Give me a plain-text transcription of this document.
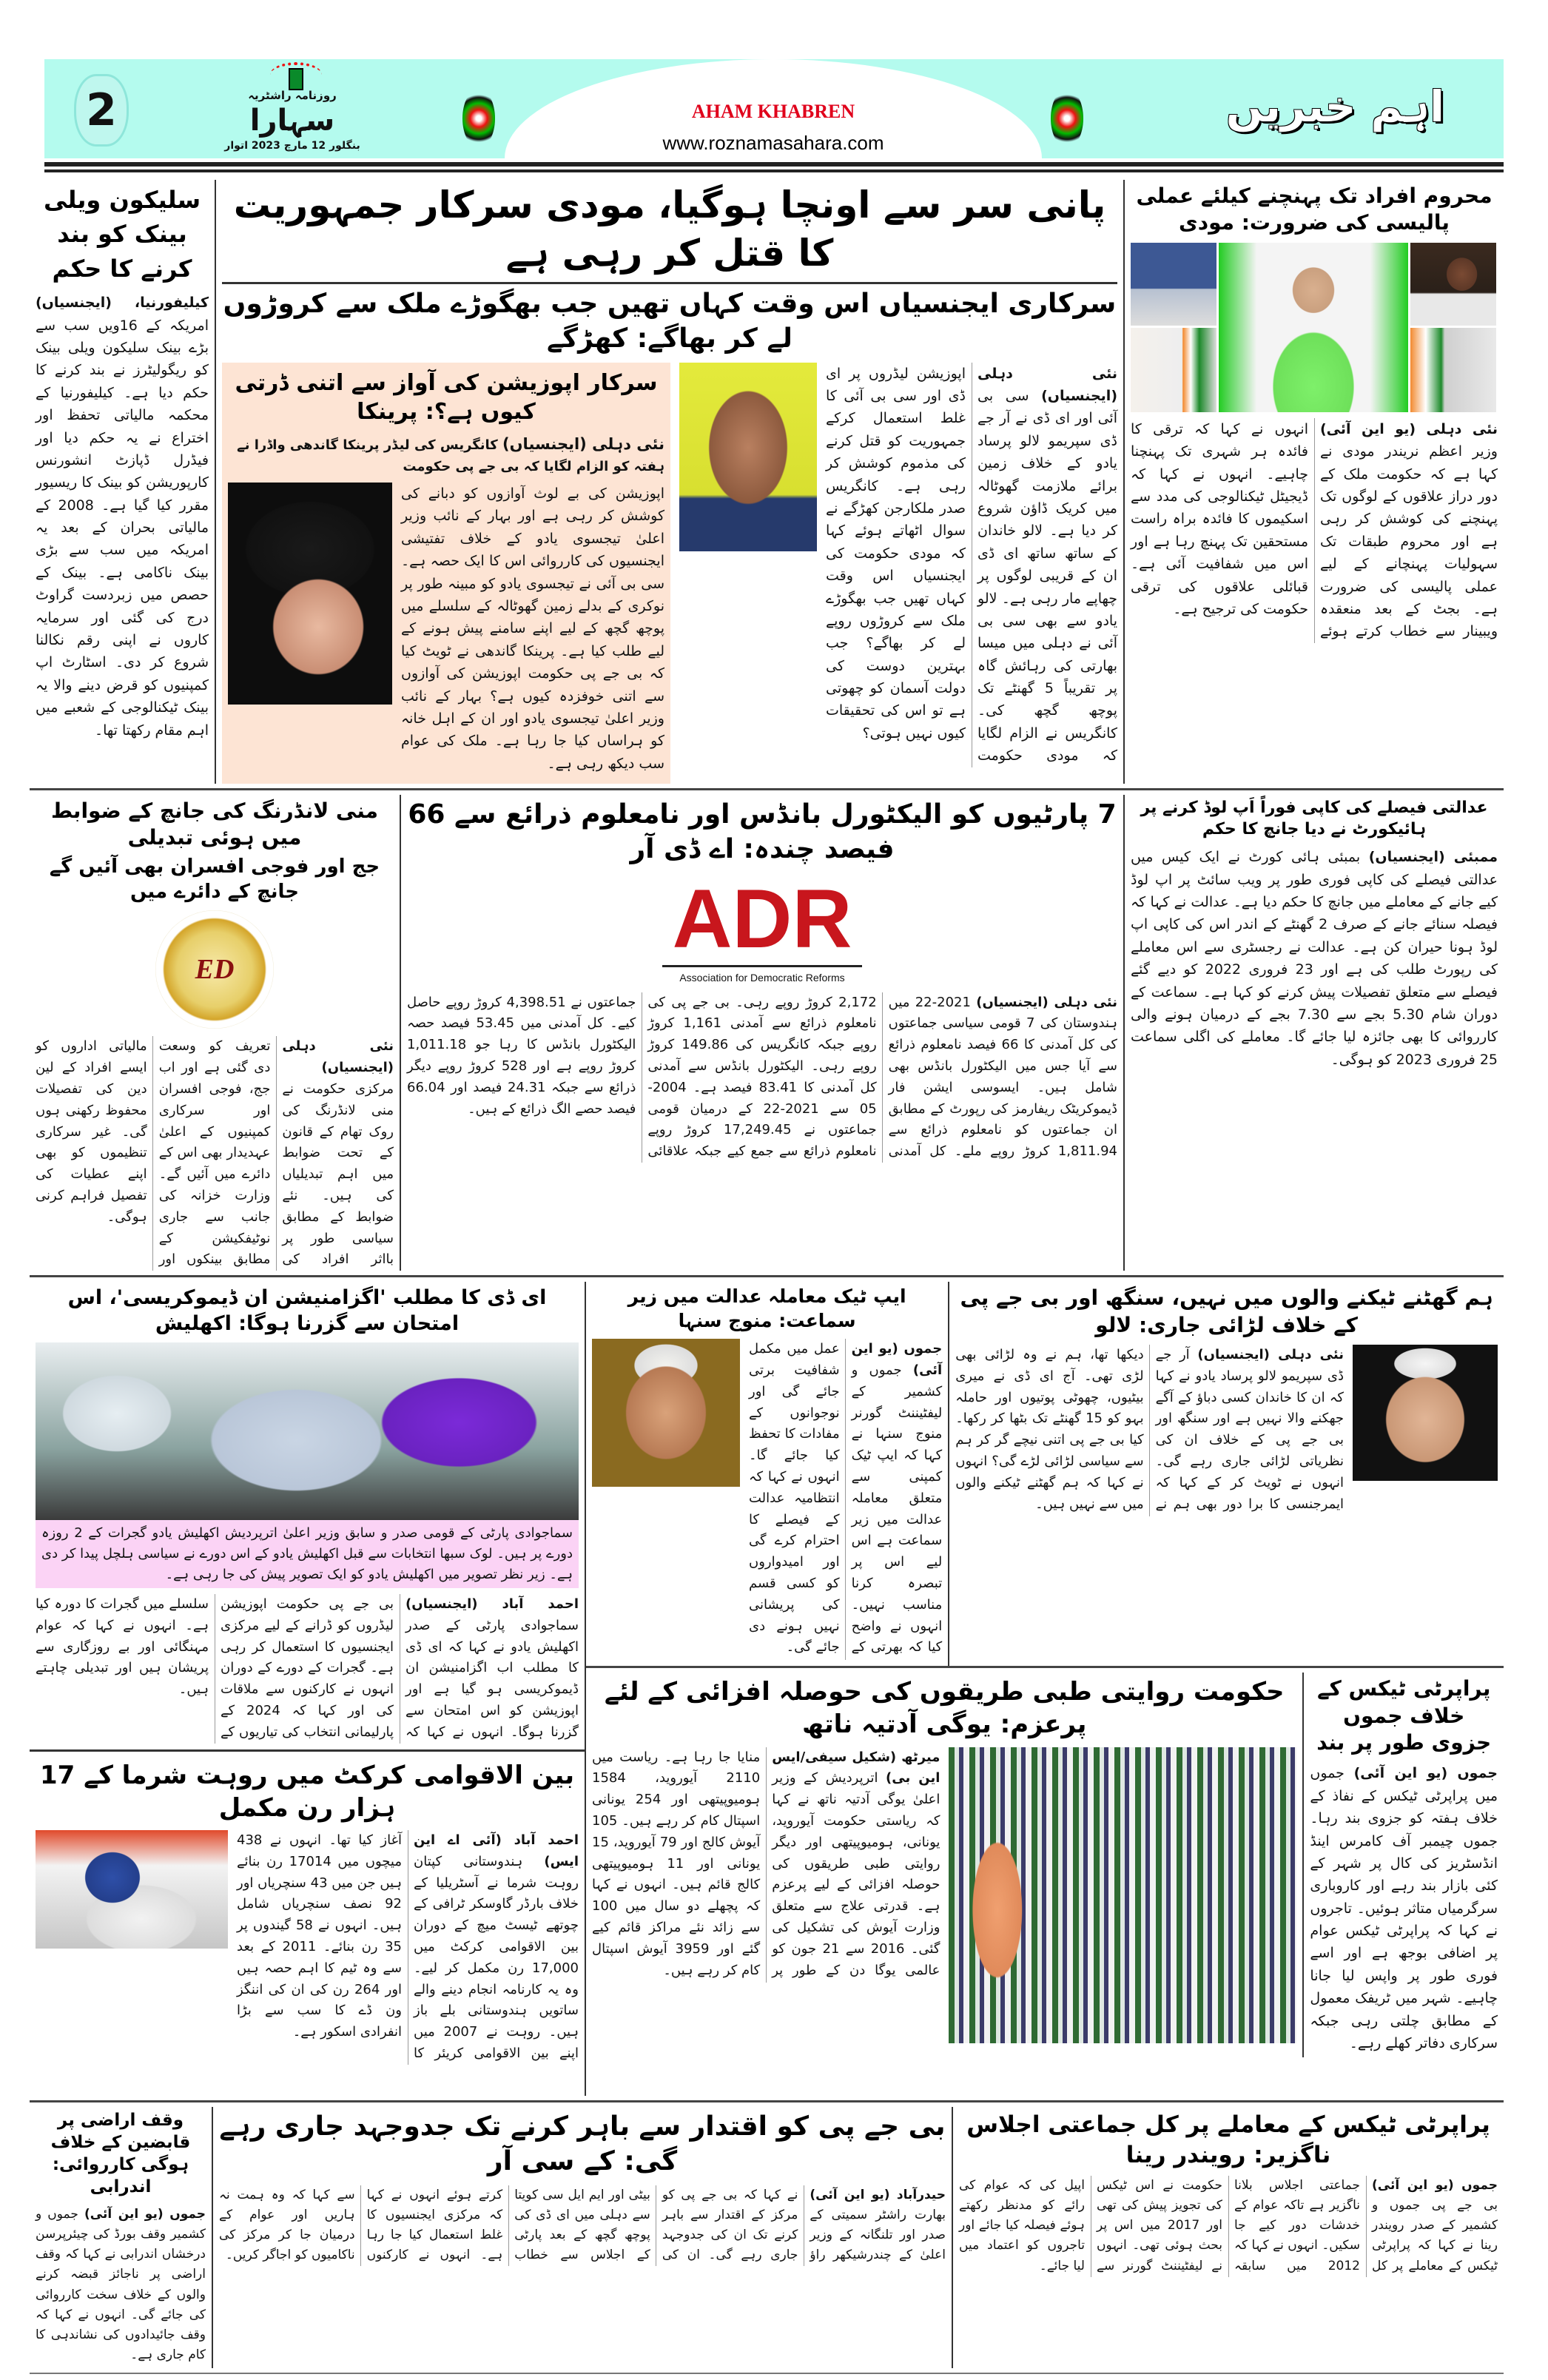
2	روزنامہ راشٹریہ
سہارا
بنگلور 12 مارچ 2023 اتوار
AHAM KHABREN
www.roznamasahara.com
اہم خبریں
سلیکون ویلی بینک کو بند کرنے کا حکم

کیلیفورنیا، (ایجنسیاں) امریکہ کے 16ویں سب سے بڑے بینک سلیکون ویلی بینک کو ریگولیٹرز نے بند کرنے کا حکم دیا ہے۔ کیلیفورنیا کے محکمہ مالیاتی تحفظ اور اختراع نے یہ حکم دیا اور فیڈرل ڈپازٹ انشورنس کارپوریشن کو بینک کا ریسیور مقرر کیا گیا ہے۔ 2008 کے مالیاتی بحران کے بعد یہ امریکہ میں سب سے بڑی بینک ناکامی ہے۔ بینک کے حصص میں زبردست گراوٹ درج کی گئی اور سرمایہ کاروں نے اپنی رقم نکالنا شروع کر دی۔ اسٹارٹ اپ کمپنیوں کو قرض دینے والا یہ بینک ٹیکنالوجی کے شعبے میں اہم مقام رکھتا تھا۔

پانی سر سے اونچا ہوگیا، مودی سرکار جمہوریت کا قتل کر رہی ہے
سرکاری ایجنسیاں اس وقت کہاں تھیں جب بھگوڑے ملک سے کروڑوں لے کر بھاگے: کھڑگے
سرکار اپوزیشن کی آواز سے اتنی ڈرتی کیوں ہے؟: پرینکا
نئی دہلی (ایجنسیاں) کانگریس کی لیڈر پرینکا گاندھی واڈرا نے ہفتہ کو الزام لگایا کہ بی جے پی حکومت

اپوزیشن کی بے لوث آوازوں کو دبانے کی کوشش کر رہی ہے اور بہار کے نائب وزیر اعلیٰ تیجسوی یادو کے خلاف تفتیشی ایجنسیوں کی کارروائی اس کا ایک حصہ ہے۔ سی بی آئی نے تیجسوی یادو کو مبینہ طور پر نوکری کے بدلے زمین گھوٹالہ کے سلسلے میں پوچھ گچھ کے لیے اپنے سامنے پیش ہونے کے لیے طلب کیا ہے۔ پرینکا گاندھی نے ٹویٹ کیا کہ بی جے پی حکومت اپوزیشن کی آوازوں سے اتنی خوفزدہ کیوں ہے؟ بہار کے نائب وزیر اعلیٰ تیجسوی یادو اور ان کے اہل خانہ کو ہراساں کیا جا رہا ہے۔ ملک کی عوام سب دیکھ رہی ہے۔

نئی دہلی (ایجنسیاں) سی بی آئی اور ای ڈی نے آر جے ڈی سپریمو لالو پرساد یادو کے خلاف زمین برائے ملازمت گھوٹالہ میں کریک ڈاؤن شروع کر دیا ہے۔ لالو خاندان کے ساتھ ساتھ ای ڈی ان کے قریبی لوگوں پر چھاپے مار رہی ہے۔ لالو یادو سے بھی سی بی آئی نے دہلی میں میسا بھارتی کی رہائش گاہ پر تقریباً 5 گھنٹے تک پوچھ گچھ کی۔ کانگریس نے الزام لگایا کہ مودی حکومت اپوزیشن لیڈروں پر ای ڈی اور سی بی آئی کا غلط استعمال کرکے جمہوریت کو قتل کرنے کی مذموم کوشش کر رہی ہے۔ کانگریس صدر ملکارجن کھڑگے نے سوال اٹھاتے ہوئے کہا کہ مودی حکومت کی ایجنسیاں اس وقت کہاں تھیں جب بھگوڑے ملک سے کروڑوں روپے لے کر بھاگے؟ جب بہترین دوست کی دولت آسمان کو چھوتی ہے تو اس کی تحقیقات کیوں نہیں ہوتی؟

محروم افراد تک پہنچنے کیلئے عملی پالیسی کی ضرورت: مودی

نئی دہلی (یو این آئی) وزیر اعظم نریندر مودی نے کہا ہے کہ حکومت ملک کے دور دراز علاقوں کے لوگوں تک پہنچنے کی کوشش کر رہی ہے اور محروم طبقات تک سہولیات پہنچانے کے لیے عملی پالیسی کی ضرورت ہے۔ بجٹ کے بعد منعقدہ ویبینار سے خطاب کرتے ہوئے انہوں نے کہا کہ ترقی کا فائدہ ہر شہری تک پہنچنا چاہیے۔ انہوں نے کہا کہ ڈیجیٹل ٹیکنالوجی کی مدد سے اسکیموں کا فائدہ براہ راست مستحقین تک پہنچ رہا ہے اور اس میں شفافیت آئی ہے۔ قبائلی علاقوں کی ترقی حکومت کی ترجیح ہے۔

منی لانڈرنگ کی جانچ کے ضوابط میں ہوئی تبدیلی
جج اور فوجی افسران بھی آئیں گے جانچ کے دائرے میں
ED

نئی دہلی (ایجنسیاں) مرکزی حکومت نے منی لانڈرنگ کی روک تھام کے قانون کے تحت ضوابط میں اہم تبدیلیاں کی ہیں۔ نئے ضوابط کے مطابق سیاسی طور پر بااثر افراد کی تعریف کو وسعت دی گئی ہے اور اب جج، فوجی افسران اور سرکاری کمپنیوں کے اعلیٰ عہدیدار بھی اس کے دائرے میں آئیں گے۔ وزارت خزانہ کی جانب سے جاری نوٹیفکیشن کے مطابق بینکوں اور مالیاتی اداروں کو ایسے افراد کے لین دین کی تفصیلات محفوظ رکھنی ہوں گی۔ غیر سرکاری تنظیموں کو بھی اپنے عطیات کی تفصیل فراہم کرنی ہوگی۔

7 پارٹیوں کو الیکٹورل بانڈس اور نامعلوم ذرائع سے 66 فیصد چندہ: اے ڈی آر
ADR
Association for Democratic Reforms

نئی دہلی (ایجنسیاں) 2021-22 میں ہندوستان کی 7 قومی سیاسی جماعتوں کی کل آمدنی کا 66 فیصد نامعلوم ذرائع سے آیا جس میں الیکٹورل بانڈس بھی شامل ہیں۔ ایسوسی ایشن فار ڈیموکریٹک ریفارمز کی رپورٹ کے مطابق ان جماعتوں کو نامعلوم ذرائع سے 1,811.94 کروڑ روپے ملے۔ کل آمدنی 2,172 کروڑ روپے رہی۔ بی جے پی کی نامعلوم ذرائع سے آمدنی 1,161 کروڑ روپے جبکہ کانگریس کی 149.86 کروڑ روپے رہی۔ الیکٹورل بانڈس سے آمدنی کل آمدنی کا 83.41 فیصد ہے۔ 2004-05 سے 2021-22 کے درمیان قومی جماعتوں نے 17,249.45 کروڑ روپے نامعلوم ذرائع سے جمع کیے جبکہ علاقائی جماعتوں نے 4,398.51 کروڑ روپے حاصل کیے۔ کل آمدنی میں 53.45 فیصد حصہ الیکٹورل بانڈس کا رہا جو 1,011.18 کروڑ روپے ہے اور 528 کروڑ روپے دیگر ذرائع سے جبکہ 24.31 فیصد اور 66.04 فیصد حصے الگ ذرائع کے ہیں۔

عدالتی فیصلے کی کاپی فوراً اَپ لوڈ کرنے پر ہائیکورٹ نے دیا جانچ کا حکم

ممبئی (ایجنسیاں) بمبئی ہائی کورٹ نے ایک کیس میں عدالتی فیصلے کی کاپی فوری طور پر ویب سائٹ پر اپ لوڈ کیے جانے کے معاملے میں جانچ کا حکم دیا ہے۔ عدالت نے کہا کہ فیصلہ سنائے جانے کے صرف 2 گھنٹے کے اندر اس کی کاپی اپ لوڈ ہونا حیران کن ہے۔ عدالت نے رجسٹری سے اس معاملے کی رپورٹ طلب کی ہے اور 23 فروری 2022 کو دیے گئے فیصلے سے متعلق تفصیلات پیش کرنے کو کہا ہے۔ سماعت کے دوران شام 5.30 بجے سے 7.30 بجے کے درمیان ہونے والی کارروائی کا بھی جائزہ لیا جائے گا۔ معاملے کی اگلی سماعت 25 فروری 2023 کو ہوگی۔

ای ڈی کا مطلب 'اگزامنیشن ان ڈیموکریسی'، اس امتحان سے گزرنا ہوگا: اکھلیش
سماجوادی پارٹی کے قومی صدر و سابق وزیر اعلیٰ اترپردیش اکھلیش یادو گجرات کے 2 روزہ دورے پر ہیں۔ لوک سبھا انتخابات سے قبل اکھلیش یادو کے اس دورے نے سیاسی ہلچل پیدا کر دی ہے۔ زیر نظر تصویر میں اکھلیش یادو کو ایک تصویر پیش کی جا رہی ہے۔

احمد آباد (ایجنسیاں) سماجوادی پارٹی کے صدر اکھلیش یادو نے کہا کہ ای ڈی کا مطلب اب اگزامنیشن ان ڈیموکریسی ہو گیا ہے اور اپوزیشن کو اس امتحان سے گزرنا ہوگا۔ انہوں نے کہا کہ بی جے پی حکومت اپوزیشن لیڈروں کو ڈرانے کے لیے مرکزی ایجنسیوں کا استعمال کر رہی ہے۔ گجرات کے دورے کے دوران انہوں نے کارکنوں سے ملاقات کی اور کہا کہ 2024 کے پارلیمانی انتخاب کی تیاریوں کے سلسلے میں گجرات کا دورہ کیا ہے۔ انہوں نے کہا کہ عوام مہنگائی اور بے روزگاری سے پریشان ہیں اور تبدیلی چاہتے ہیں۔

بین الاقوامی کرکٹ میں روہت شرما کے 17 ہزار رن مکمل

احمد آباد (آئی اے این ایس) ہندوستانی کپتان روہت شرما نے آسٹریلیا کے خلاف بارڈر گاوسکر ٹرافی کے چوتھے ٹیسٹ میچ کے دوران بین الاقوامی کرکٹ میں 17,000 رن مکمل کر لیے۔ وہ یہ کارنامہ انجام دینے والے ساتویں ہندوستانی بلے باز ہیں۔ روہت نے 2007 میں اپنے بین الاقوامی کریئر کا آغاز کیا تھا۔ انہوں نے 438 میچوں میں 17014 رن بنائے ہیں جن میں 43 سنچریاں اور 92 نصف سنچریاں شامل ہیں۔ انہوں نے 58 گیندوں پر 35 رن بنائے۔ 2011 کے بعد سے وہ ٹیم کا اہم حصہ ہیں اور 264 رن کی ان کی اننگز ون ڈے کا سب سے بڑا انفرادی اسکور ہے۔

ایپ ٹیک معاملہ عدالت میں زیر سماعت: منوج سنہا

جموں (یو این آئی) جموں و کشمیر کے لیفٹیننٹ گورنر منوج سنہا نے کہا کہ ایپ ٹیک کمپنی سے متعلق معاملہ عدالت میں زیر سماعت ہے اس لیے اس پر تبصرہ کرنا مناسب نہیں۔ انہوں نے واضح کیا کہ بھرتی کے عمل میں مکمل شفافیت برتی جائے گی اور نوجوانوں کے مفادات کا تحفظ کیا جائے گا۔ انہوں نے کہا کہ انتظامیہ عدالت کے فیصلے کا احترام کرے گی اور امیدواروں کو کسی قسم کی پریشانی نہیں ہونے دی جائے گی۔

ہم گھٹنے ٹیکنے والوں میں نہیں، سنگھ اور بی جے پی کے خلاف لڑائی جاری: لالو

نئی دہلی (ایجنسیاں) آر جے ڈی سپریمو لالو پرساد یادو نے کہا کہ ان کا خاندان کسی دباؤ کے آگے جھکنے والا نہیں ہے اور سنگھ اور بی جے پی کے خلاف ان کی نظریاتی لڑائی جاری رہے گی۔ انہوں نے ٹویٹ کر کے کہا کہ ایمرجنسی کا برا دور بھی ہم نے دیکھا تھا، ہم نے وہ لڑائی بھی لڑی تھی۔ آج ای ڈی نے میری بیٹیوں، چھوٹی پوتیوں اور حاملہ بہو کو 15 گھنٹے تک بٹھا کر رکھا۔ کیا بی جے پی اتنی نیچے گر کر ہم سے سیاسی لڑائی لڑے گی؟ انہوں نے کہا کہ ہم گھٹنے ٹیکنے والوں میں سے نہیں ہیں۔

حکومت روایتی طبی طریقوں کی حوصلہ افزائی کے لئے پرعزم: یوگی آدتیہ ناتھ

میرٹھ (شکیل سیفی/ایس این بی) اترپردیش کے وزیر اعلیٰ یوگی آدتیہ ناتھ نے کہا کہ ریاستی حکومت آیوروید، یونانی، ہومیوپیتھی اور دیگر روایتی طبی طریقوں کی حوصلہ افزائی کے لیے پرعزم ہے۔ قدرتی علاج سے متعلق وزارت آیوش کی تشکیل کی گئی۔ 2016 سے 21 جون کو عالمی یوگا دن کے طور پر منایا جا رہا ہے۔ ریاست میں 2110 آیوروید، 1584 ہومیوپیتھی اور 254 یونانی اسپتال کام کر رہے ہیں۔ 105 آیوش کالج اور 79 آیوروید، 15 یونانی اور 11 ہومیوپیتھی کالج قائم ہیں۔ انہوں نے کہا کہ پچھلے دو سال میں 100 سے زائد نئے مراکز قائم کیے گئے اور 3959 آیوش اسپتال کام کر رہے ہیں۔

پراپرٹی ٹیکس کے خلاف جموں جزوی طور پر بند

جموں (یو این آئی) جموں میں پراپرٹی ٹیکس کے نفاذ کے خلاف ہفتہ کو جزوی بند رہا۔ جموں چیمبر آف کامرس اینڈ انڈسٹریز کی کال پر شہر کے کئی بازار بند رہے اور کاروباری سرگرمیاں متاثر ہوئیں۔ تاجروں نے کہا کہ پراپرٹی ٹیکس عوام پر اضافی بوجھ ہے اور اسے فوری طور پر واپس لیا جانا چاہیے۔ شہر میں ٹریفک معمول کے مطابق چلتی رہی جبکہ سرکاری دفاتر کھلے رہے۔

وقف اراضی پر قابضین کے خلاف ہوگی کارروائی: اندرابی

جموں (یو این آئی) جموں و کشمیر وقف بورڈ کی چیئرپرسن درخشاں اندرابی نے کہا کہ وقف اراضی پر ناجائز قبضہ کرنے والوں کے خلاف سخت کارروائی کی جائے گی۔ انہوں نے کہا کہ وقف جائیدادوں کی نشاندہی کا کام جاری ہے۔

بی جے پی کو اقتدار سے باہر کرنے تک جدوجہد جاری رہے گی: کے سی آر

حیدرآباد (یو این آئی) بھارت راشٹر سمیتی کے صدر اور تلنگانہ کے وزیر اعلیٰ کے چندرشیکھر راؤ نے کہا کہ بی جے پی کو مرکز کے اقتدار سے باہر کرنے تک ان کی جدوجہد جاری رہے گی۔ ان کی بیٹی اور ایم ایل سی کویتا سے دہلی میں ای ڈی کی پوچھ گچھ کے بعد پارٹی کے اجلاس سے خطاب کرتے ہوئے انہوں نے کہا کہ مرکزی ایجنسیوں کا غلط استعمال کیا جا رہا ہے۔ انہوں نے کارکنوں سے کہا کہ وہ ہمت نہ ہاریں اور عوام کے درمیان جا کر مرکز کی ناکامیوں کو اجاگر کریں۔

پراپرٹی ٹیکس کے معاملے پر کل جماعتی اجلاس ناگزیر: رویندر رینا

جموں (یو این آئی) بی جے پی جموں و کشمیر کے صدر رویندر رینا نے کہا کہ پراپرٹی ٹیکس کے معاملے پر کل جماعتی اجلاس بلانا ناگزیر ہے تاکہ عوام کے خدشات دور کیے جا سکیں۔ انہوں نے کہا کہ 2012 میں سابقہ حکومت نے اس ٹیکس کی تجویز پیش کی تھی اور 2017 میں اس پر بحث ہوئی تھی۔ انہوں نے لیفٹیننٹ گورنر سے اپیل کی کہ عوام کی رائے کو مدنظر رکھتے ہوئے فیصلہ کیا جائے اور تاجروں کو اعتماد میں لیا جائے۔
